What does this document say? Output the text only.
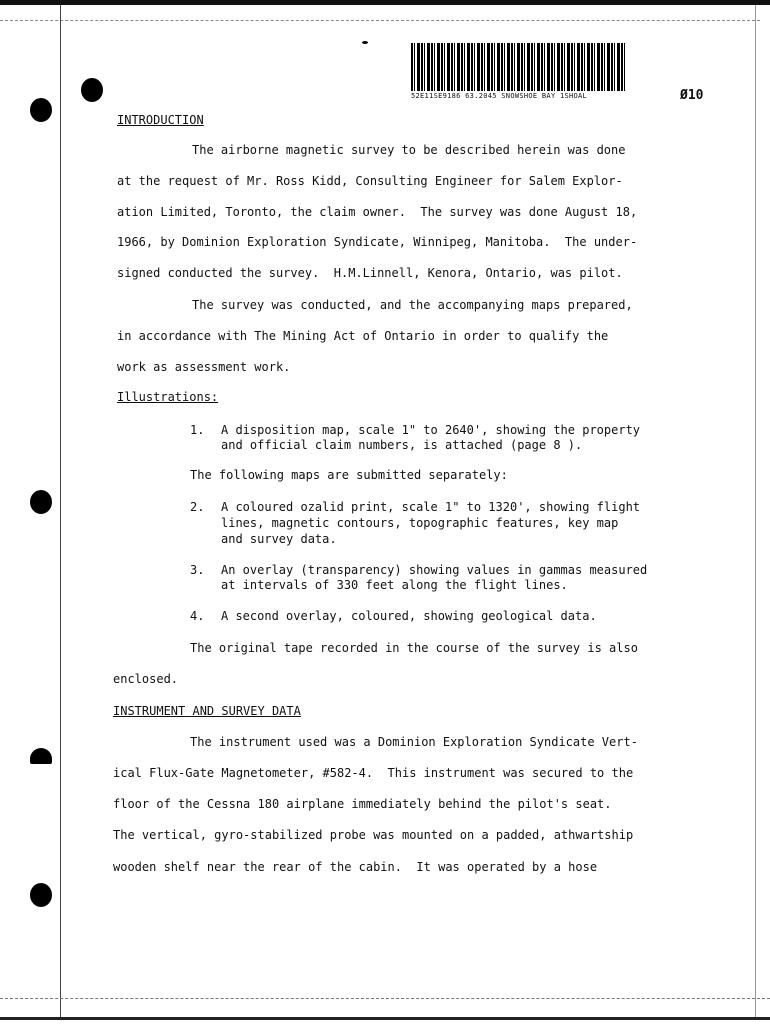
52E11SE9186 63.2045 SNOWSHOE BAY 1SHOAL	Ø10
INTRODUCTION
The airborne magnetic survey to be described herein was done
at the request of Mr. Ross Kidd, Consulting Engineer for Salem Explor-
ation Limited, Toronto, the claim owner.  The survey was done August 18,
1966, by Dominion Exploration Syndicate, Winnipeg, Manitoba.  The under-
signed conducted the survey.  H.M.Linnell, Kenora, Ontario, was pilot.
The survey was conducted, and the accompanying maps prepared,
in accordance with The Mining Act of Ontario in order to qualify the
work as assessment work.
Illustrations:
1. A disposition map, scale 1" to 2640', showing the property
and official claim numbers, is attached (page 8 ).
The following maps are submitted separately:
2. A coloured ozalid print, scale 1" to 1320', showing flight
lines, magnetic contours, topographic features, key map
and survey data.
3. An overlay (transparency) showing values in gammas measured
at intervals of 330 feet along the flight lines.
4. A second overlay, coloured, showing geological data.
The original tape recorded in the course of the survey is also
enclosed.
INSTRUMENT AND SURVEY DATA
The instrument used was a Dominion Exploration Syndicate Vert-
ical Flux-Gate Magnetometer, #582-4.  This instrument was secured to the
floor of the Cessna 180 airplane immediately behind the pilot's seat.
The vertical, gyro-stabilized probe was mounted on a padded, athwartship
wooden shelf near the rear of the cabin.  It was operated by a hose
